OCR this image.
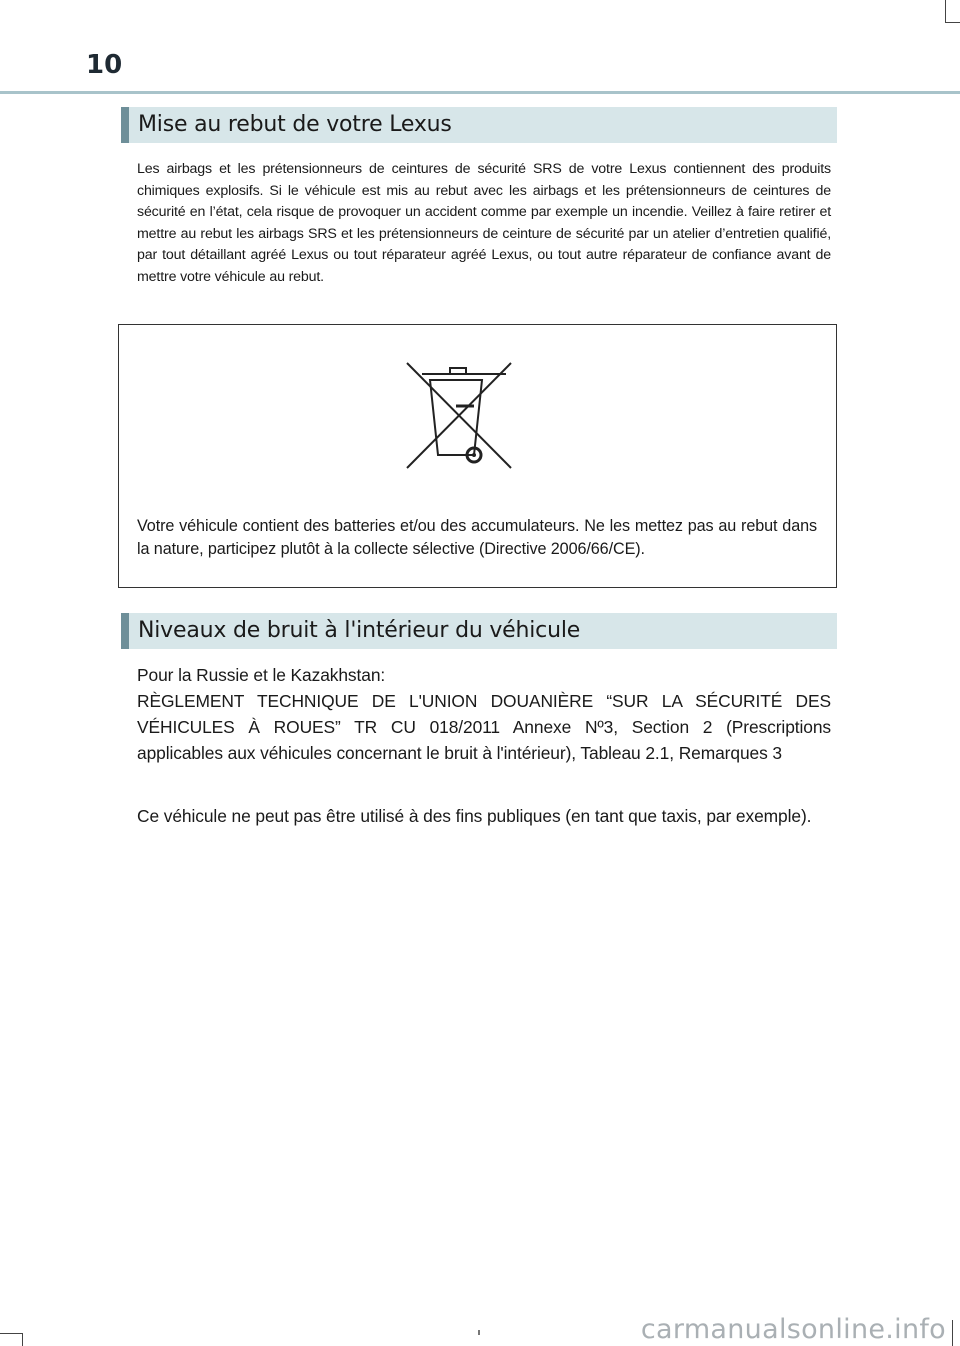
10
Mise au rebut de votre Lexus

Les airbags et les prétensionneurs de ceintures de sécurité SRS de votre Lexus contiennent des produits chimiques explosifs. Si le véhicule est mis au rebut avec les airbags et les prétensionneurs de ceintures de sécurité en l’état, cela risque de provoquer un accident comme par exemple un incendie. Veillez à faire retirer et mettre au rebut les airbags SRS et les prétensionneurs de ceinture de sécurité par un atelier d’entretien qualifié, par tout détaillant agréé Lexus ou tout réparateur agréé Lexus, ou tout autre réparateur de confiance avant de mettre votre véhicule au rebut.

Votre véhicule contient des batteries et/ou des accumulateurs. Ne les mettez pas au rebut dans la nature, participez plutôt à la collecte sélective (Directive 2006/66/CE).

Niveaux de bruit à l'intérieur du véhicule

Pour la Russie et le Kazakhstan:
RÈGLEMENT TECHNIQUE DE L'UNION DOUANIÈRE “SUR LA SÉCURITÉ DES VÉHICULES À ROUES” TR CU 018/2011 Annexe Nº3, Section 2 (Prescriptions applicables aux véhicules concernant le bruit à l'intérieur), Tableau 2.1, Remarques 3

Ce véhicule ne peut pas être utilisé à des fins publiques (en tant que taxis, par exemple).

carmanualsonline.info
